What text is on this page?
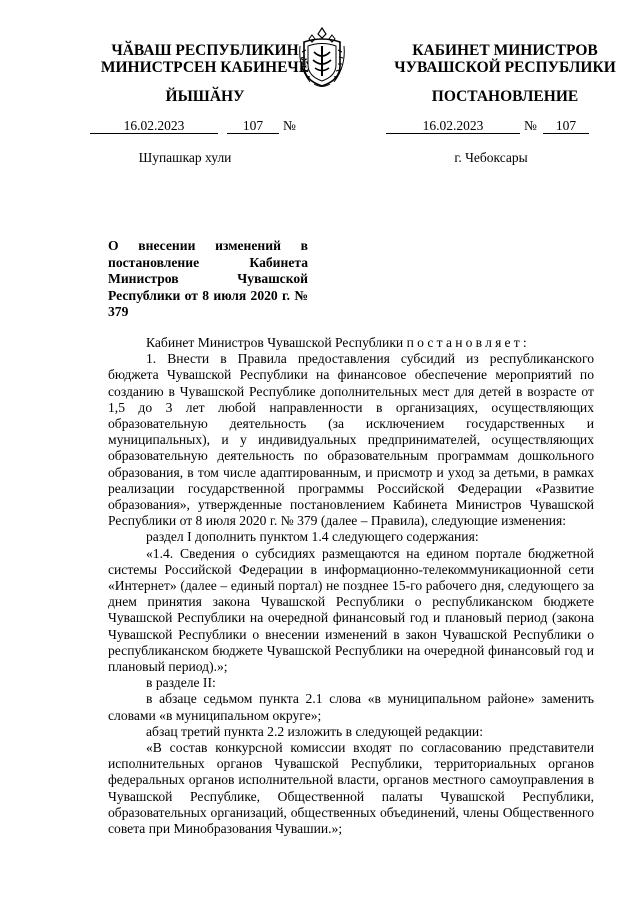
ЧӐВАШ РЕСПУБЛИКИН
МИНИСТРСЕН КАБИНЕЧӖ
ЙЫШӐНУ
КАБИНЕТ МИНИСТРОВ
ЧУВАШСКОЙ РЕСПУБЛИКИ
ПОСТАНОВЛЕНИЕ
16.02.2023	107	№	16.02.2023	№	107
Шупашкар хули	г. Чебоксары
О внесении изменений в постановление Кабинета Министров Чувашской Республики от 8 июля 2020 г. № 379

Кабинет Министров Чувашской Республики постановляет:

1. Внести в Правила предоставления субсидий из республиканского бюджета Чувашской Республики на финансовое обеспечение мероприятий по созданию в Чувашской Республике дополнительных мест для детей в возрасте от 1,5 до 3 лет любой направленности в организациях, осуществляющих образовательную деятельность (за исключением государственных и муниципальных), и у индивидуальных предпринимателей, осуществляющих образовательную деятельность по образовательным программам дошкольного образования, в том числе адаптированным, и присмотр и уход за детьми, в рамках реализации государственной программы Российской Федерации «Развитие образования», утвержденные постановлением Кабинета Министров Чувашской Республики от 8 июля 2020 г. № 379 (далее – Правила), следующие изменения:

раздел I дополнить пунктом 1.4 следующего содержания:

«1.4. Сведения о субсидиях размещаются на едином портале бюджетной системы Российской Федерации в информационно-телекоммуникационной сети «Интернет» (далее – единый портал) не позднее 15-го рабочего дня, следующего за днем принятия закона Чувашской Республики о республиканском бюджете Чувашской Республики на очередной финансовый год и плановый период (закона Чувашской Республики о внесении изменений в закон Чувашской Республики о республиканском бюджете Чувашской Республики на очередной финансовый год и плановый период).»;

в разделе II:

в абзаце седьмом пункта 2.1 слова «в муниципальном районе» заменить словами «в муниципальном округе»;

абзац третий пункта 2.2 изложить в следующей редакции:

«В состав конкурсной комиссии входят по согласованию представители исполнительных органов Чувашской Республики, территориальных органов федеральных органов исполнительной власти, органов местного самоуправления в Чувашской Республике, Общественной палаты Чувашской Республики, образовательных организаций, общественных объединений, члены Общественного совета при Минобразования Чувашии.»;
